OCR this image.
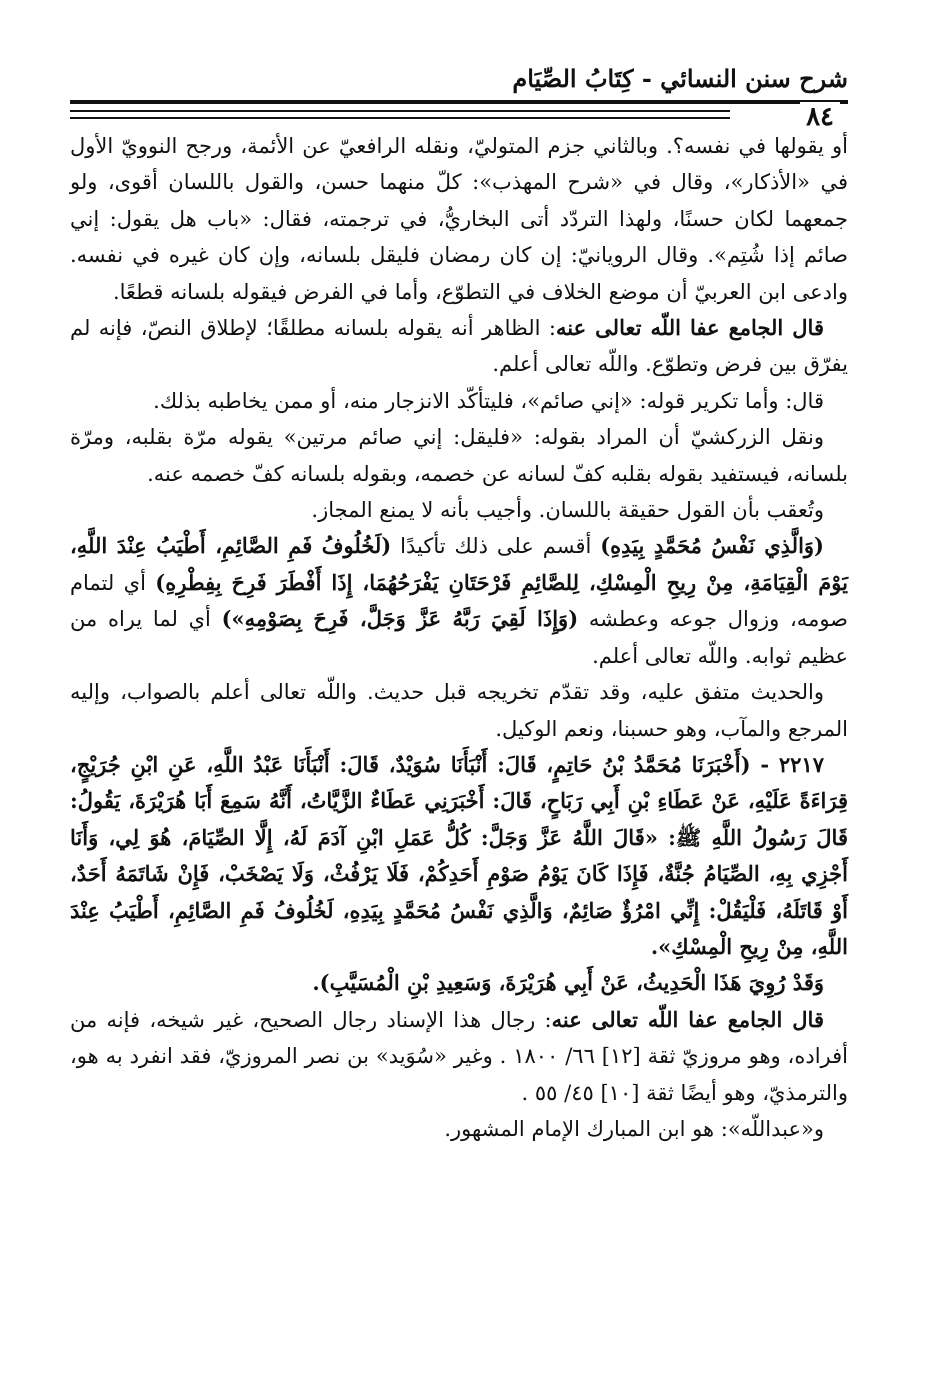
شرح سنن النسائي - كِتَابُ الصِّيَام
٨٤

أو يقولها في نفسه؟. وبالثاني جزم المتوليّ، ونقله الرافعيّ عن الأئمة، ورجح النوويّ الأول في «الأذكار»، وقال في «شرح المهذب»: كلّ منهما حسن، والقول باللسان أقوى، ولو جمعهما لكان حسنًا، ولهذا التردّد أتى البخاريُّ، في ترجمته، فقال: «باب هل يقول: إني صائم إذا شُتِم». وقال الرويانيّ: إن كان رمضان فليقل بلسانه، وإن كان غيره في نفسه. وادعى ابن العربيّ أن موضع الخلاف في التطوّع، وأما في الفرض فيقوله بلسانه قطعًا.

قال الجامع عفا اللّه تعالى عنه: الظاهر أنه يقوله بلسانه مطلقًا؛ لإطلاق النصّ، فإنه لم يفرّق بين فرض وتطوّع. واللّه تعالى أعلم.

قال: وأما تكرير قوله: «إني صائم»، فليتأكّد الانزجار منه، أو ممن يخاطبه بذلك.

ونقل الزركشيّ أن المراد بقوله: «فليقل: إني صائم مرتين» يقوله مرّة بقلبه، ومرّة بلسانه، فيستفيد بقوله بقلبه كفّ لسانه عن خصمه، وبقوله بلسانه كفّ خصمه عنه.

وتُعقب بأن القول حقيقة باللسان. وأجيب بأنه لا يمنع المجاز.

(وَالَّذِي نَفْسُ مُحَمَّدٍ بِيَدِهِ) أقسم على ذلك تأكيدًا (لَخُلُوفُ فَمِ الصَّائِمِ، أَطْيَبُ عِنْدَ اللَّهِ، يَوْمَ الْقِيَامَةِ، مِنْ رِيحِ الْمِسْكِ، لِلصَّائِمِ فَرْحَتَانِ يَفْرَحُهُمَا، إِذَا أَفْطَرَ فَرِحَ بِفِطْرِهِ) أي لتمام صومه، وزوال جوعه وعطشه (وَإِذَا لَقِيَ رَبَّهُ عَزَّ وَجَلَّ، فَرِحَ بِصَوْمِهِ») أي لما يراه من عظيم ثوابه. واللّه تعالى أعلم.

والحديث متفق عليه، وقد تقدّم تخريجه قبل حديث. واللّه تعالى أعلم بالصواب، وإليه المرجع والمآب، وهو حسبنا، ونعم الوكيل.

٢٢١٧ - (أَخْبَرَنَا مُحَمَّدُ بْنُ حَاتِمٍ، قَالَ: أَنْبَأَنَا سُوَيْدٌ، قَالَ: أَنْبَأَنَا عَبْدُ اللَّهِ، عَنِ ابْنِ جُرَيْجٍ، قِرَاءَةً عَلَيْهِ، عَنْ عَطَاءِ بْنِ أَبِي رَبَاحٍ، قَالَ: أَخْبَرَنِي عَطَاءٌ الزَّيَّاتُ، أَنَّهُ سَمِعَ أَبَا هُرَيْرَةَ، يَقُولُ: قَالَ رَسُولُ اللَّهِ ﷺ: «قَالَ اللَّهُ عَزَّ وَجَلَّ: كُلُّ عَمَلِ ابْنِ آدَمَ لَهُ، إِلَّا الصِّيَامَ، هُوَ لِي، وَأَنَا أَجْزِي بِهِ، الصِّيَامُ جُنَّةٌ، فَإِذَا كَانَ يَوْمُ صَوْمِ أَحَدِكُمْ، فَلَا يَرْفُثْ، وَلَا يَصْخَبْ، فَإِنْ شَاتَمَهُ أَحَدٌ، أَوْ قَاتَلَهُ، فَلْيَقُلْ: إِنِّي امْرُؤٌ صَائِمٌ، وَالَّذِي نَفْسُ مُحَمَّدٍ بِيَدِهِ، لَخُلُوفُ فَمِ الصَّائِمِ، أَطْيَبُ عِنْدَ اللَّهِ، مِنْ رِيحِ الْمِسْكِ».

وَقَدْ رُوِيَ هَذَا الْحَدِيثُ، عَنْ أَبِي هُرَيْرَةَ، وَسَعِيدِ بْنِ الْمُسَيَّبِ).

قال الجامع عفا اللّه تعالى عنه: رجال هذا الإسناد رجال الصحيح، غير شيخه، فإنه من أفراده، وهو مروزيّ ثقة [١٢] ٦٦/ ١٨٠٠ . وغير «سُوَيد» بن نصر المروزيّ، فقد انفرد به هو، والترمذيّ، وهو أيضًا ثقة [١٠] ٤٥/ ٥٥ .

و«عبداللّه»: هو ابن المبارك الإمام المشهور.
